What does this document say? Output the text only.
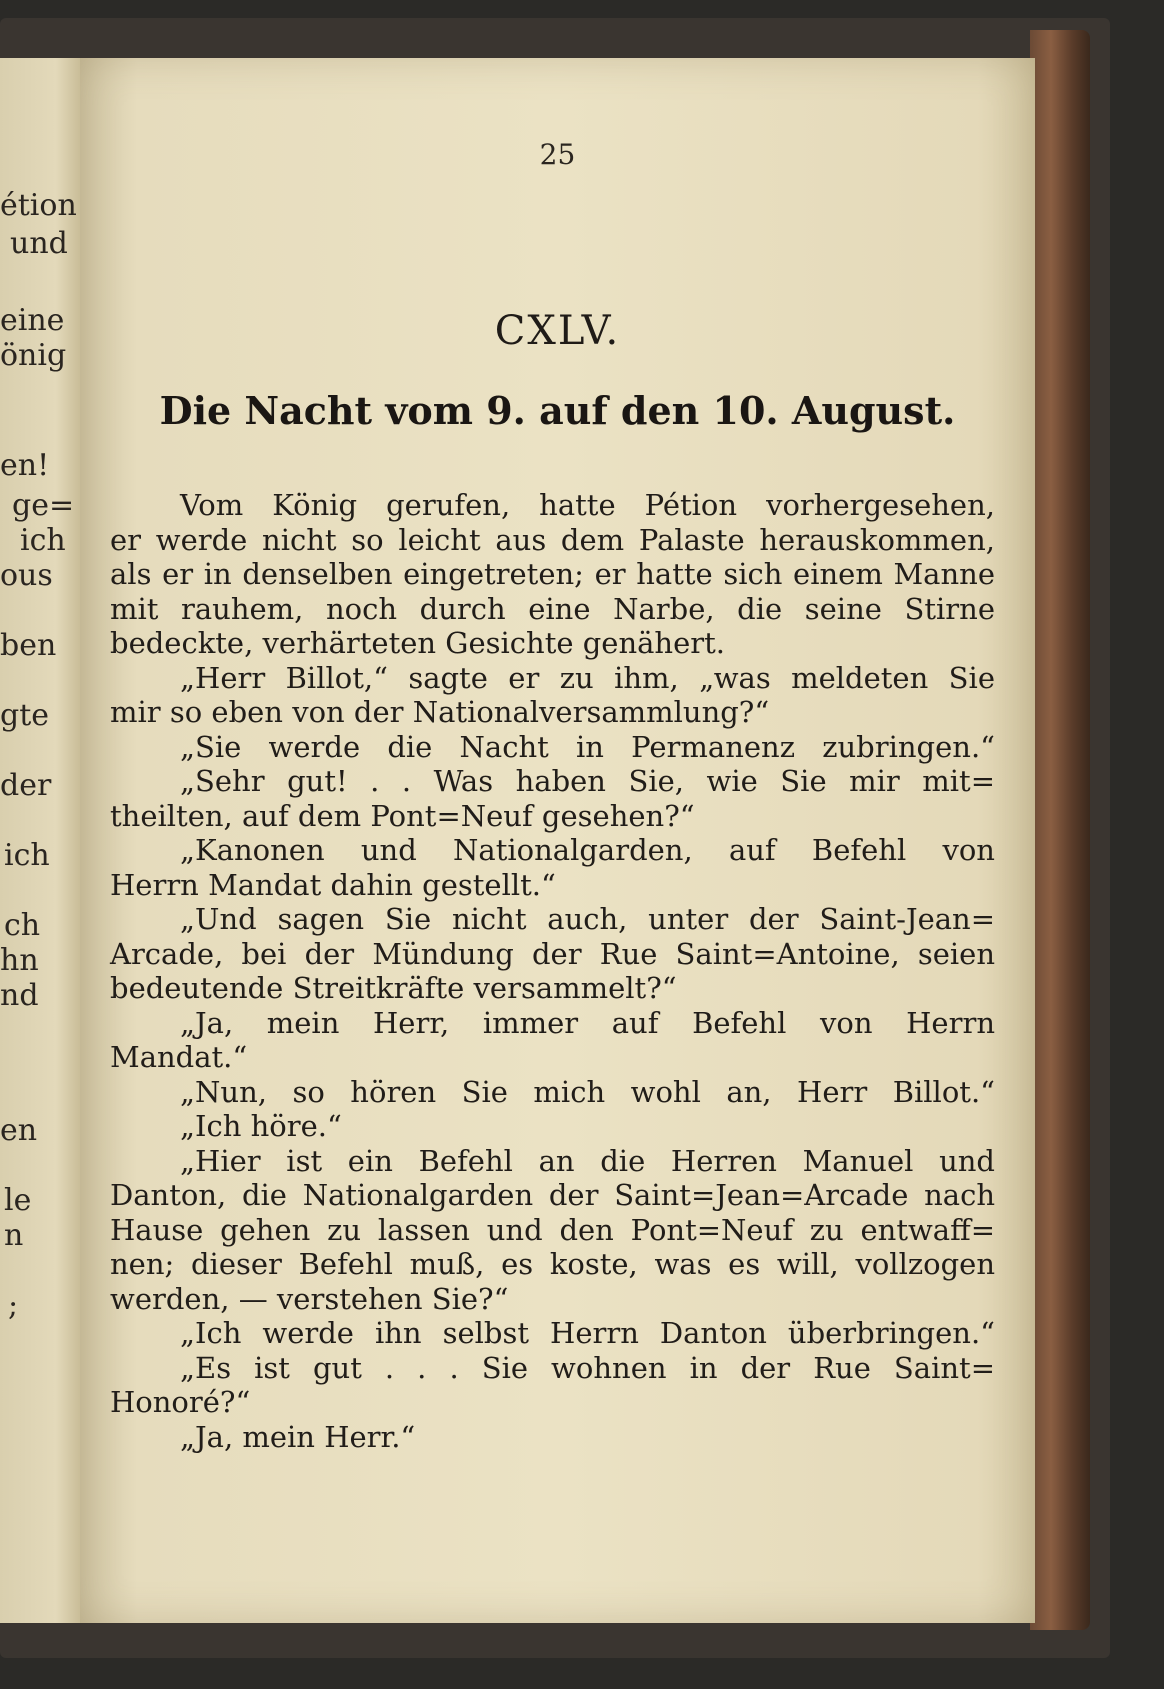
étion
und
eine
önig
en!
ge=
ich
ous
ben
gte
der
ich
ch
hn
nd
en
le
n
;
25
CXLV.
Die Nacht vom 9. auf den 10. August.
Vom König gerufen, hatte Pétion vorhergesehen,
er werde nicht so leicht aus dem Palaste herauskommen,
als er in denselben eingetreten; er hatte sich einem Manne
mit rauhem, noch durch eine Narbe, die seine Stirne
bedeckte, verhärteten Gesichte genähert.
„Herr Billot,“ sagte er zu ihm, „was meldeten Sie
mir so eben von der Nationalversammlung?“
„Sie werde die Nacht in Permanenz zubringen.“
„Sehr gut! . . Was haben Sie, wie Sie mir mit=
theilten, auf dem Pont=Neuf gesehen?“
„Kanonen und Nationalgarden, auf Befehl von
Herrn Mandat dahin gestellt.“
„Und sagen Sie nicht auch, unter der Saint-Jean=
Arcade, bei der Mündung der Rue Saint=Antoine, seien
bedeutende Streitkräfte versammelt?“
„Ja, mein Herr, immer auf Befehl von Herrn
Mandat.“
„Nun, so hören Sie mich wohl an, Herr Billot.“
„Ich höre.“
„Hier ist ein Befehl an die Herren Manuel und
Danton, die Nationalgarden der Saint=Jean=Arcade nach
Hause gehen zu lassen und den Pont=Neuf zu entwaff=
nen; dieser Befehl muß, es koste, was es will, vollzogen
werden, — verstehen Sie?“
„Ich werde ihn selbst Herrn Danton überbringen.“
„Es ist gut . . . Sie wohnen in der Rue Saint=
Honoré?“
„Ja, mein Herr.“
